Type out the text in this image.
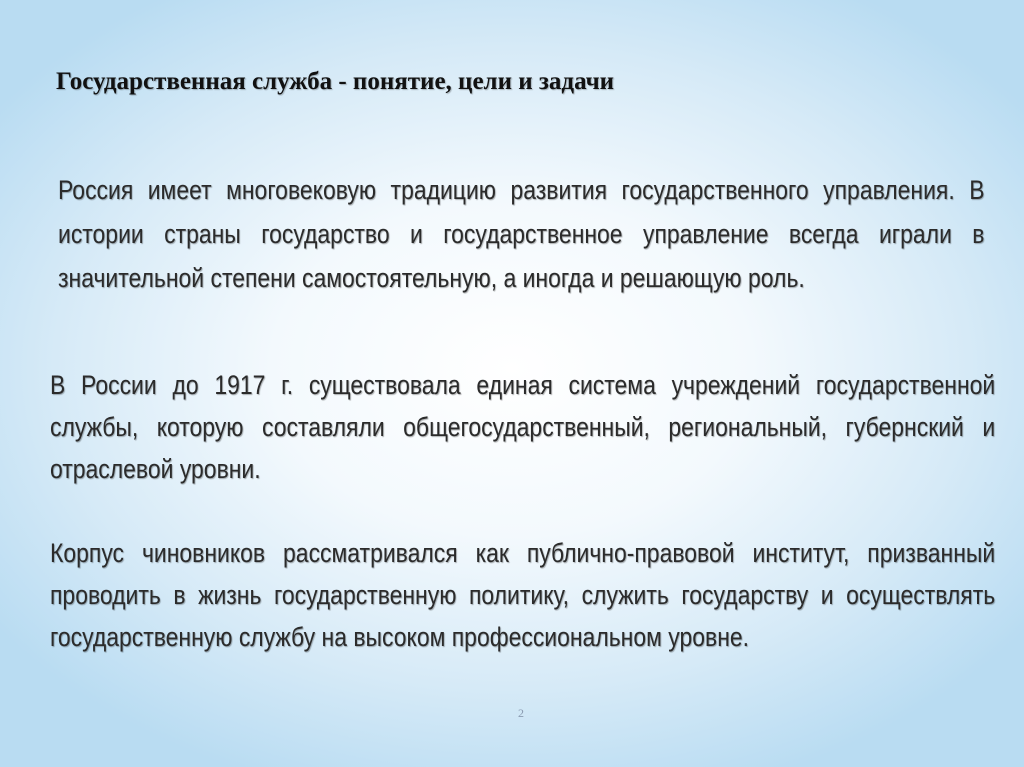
Государственная служба - понятие, цели и задачи

Россия имеет многовековую традицию развития государственного управления. В истории страны государство и государственное управление всегда играли в значительной степени самостоятельную, а иногда и решающую роль.

В России до 1917 г. существовала единая система учреждений государственной службы, которую составляли общегосударственный, региональный, губернский и отраслевой уровни.

Корпус чиновников рассматривался как публично-правовой институт, призванный проводить в жизнь государственную политику, служить государству и осуществлять государственную службу на высоком профессиональном уровне.

2
